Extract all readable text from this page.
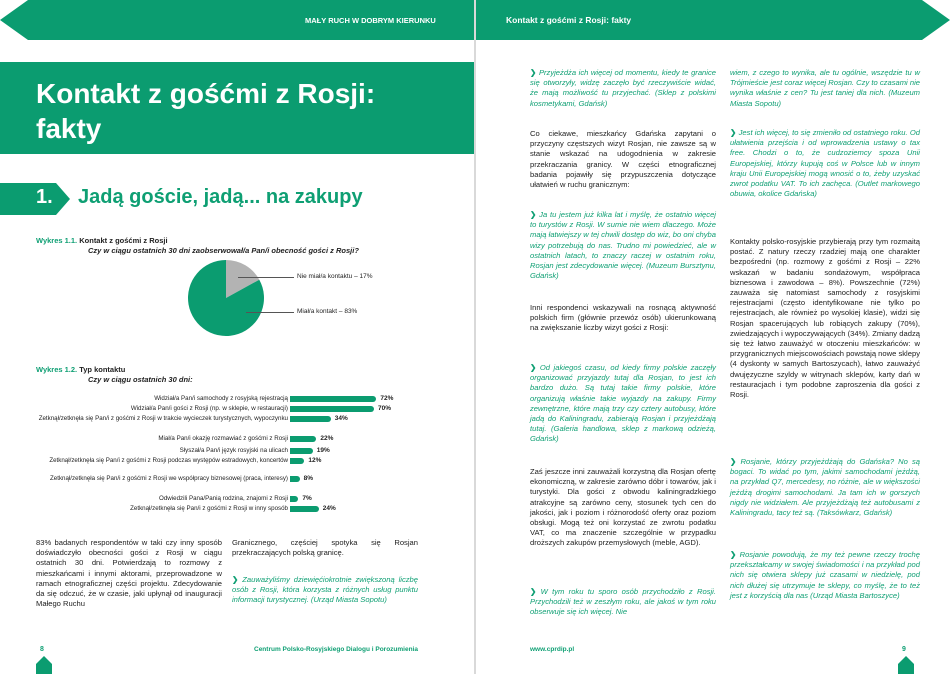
MAŁY RUCH W DOBRYM KIERUNKU
Kontakt z gośćmi z Rosji:
fakty
1. Jadą goście, jadą... na zakupy
Wykres 1.1. Kontakt z gośćmi z Rosji
Czy w ciągu ostatnich 30 dni zaobserwował/a Pan/i obecność gości z Rosji?
Nie miał/a kontaktu – 17%
Miał/a kontakt – 83%
Wykres 1.2. Typ kontaktu
Czy w ciągu ostatnich 30 dni:
Widział/a Pan/i samochody z rosyjską rejestracją	72%
Widział/a Pan/i gości z Rosji (np. w sklepie, w restauracji)	70%
Zetknął/zetknęła się Pan/i z gośćmi z Rosji w trakcie wycieczek turystycznych, wypoczynku	34%
Miał/a Pan/i okazję rozmawiać z gośćmi z Rosji	22%
Słyszał/a Pan/i język rosyjski na ulicach	19%
Zetknął/zetknęła się Pan/i z gośćmi z Rosji podczas występów estradowych, koncertów	12%
Zetknął/zetknęła się Pan/i z gośćmi z Rosji we współpracy biznesowej (praca, interesy) 8%
Odwiedzili Pana/Panią rodzina, znajomi z Rosji 7%
Zetknął/zetknęła się Pan/i z gośćmi z Rosji w inny sposób	24%
83% badanych respondentów w taki czy inny sposób doświadczyło obecności gości z Rosji w ciągu ostatnich 30 dni. Potwierdzają to rozmowy z mieszkańcami i innymi aktorami, przeprowadzone w ramach etnograficznej części projektu. Zdecydowanie da się odczuć, że w czasie, jaki upłynął od inauguracji Małego Ruchu
Granicznego, częściej spotyka się Rosjan przekraczających polską granicę.
❯ Zauważyliśmy dziewięćiokrotnie zwiększoną liczbę osób z Rosji, która korzysta z różnych usług punktu informacji turystycznej. (Urząd Miasta Sopotu)
8	Centrum Polsko-Rosyjskiego Dialogu i Porozumienia
Kontakt z gośćmi z Rosji: fakty
❯ Przyjeżdża ich więcej od momentu, kiedy te granice się otworzyły, widzę zaczęło być rzeczywiście widać, że mają możliwość tu przyjechać. (Sklep z polskimi kosmetykami, Gdańsk)
Co ciekawe, mieszkańcy Gdańska zapytani o przyczyny częstszych wizyt Rosjan, nie zawsze są w stanie wskazać na udogodnienia w zakresie przekraczania granicy. W części etnograficznej badania pojawiły się przypuszczenia dotyczące ułatwień w ruchu granicznym:
❯ Ja tu jestem już kilka lat i myślę, że ostatnio więcej to turystów z Rosji. W sumie nie wiem dlaczego. Może mają łatwiejszy w tej chwili dostęp do wiz, bo oni chyba wizy potrzebują do nas. Trudno mi powiedzieć, ale w ostatnich latach, to znaczy raczej w ostatnim roku, Rosjan jest zdecydowanie więcej. (Muzeum Bursztynu, Gdańsk)
Inni respondenci wskazywali na rosnącą aktywność polskich firm (głównie przewóz osób) ukierunkowaną na zwiększanie liczby wizyt gości z Rosji:
❯ Od jakiegoś czasu, od kiedy firmy polskie zaczęły organizować przyjazdy tutaj dla Rosjan, to jest ich bardzo dużo. Są tutaj takie firmy polskie, które organizują właśnie takie wyjazdy na zakupy. Firmy zewnętrzne, które mają trzy czy cztery autobusy, które jadą do Kaliningradu, zabierają Rosjan i przyjeżdżają tutaj. (Galeria handlowa, sklep z markową odzieżą, Gdańsk)
Zaś jeszcze inni zauważali korzystną dla Rosjan ofertę ekonomiczną, w zakresie zarówno dóbr i towarów, jak i turystyki. Dla gości z obwodu kaliningradzkiego atrakcyjne są zarówno ceny, stosunek tych cen do jakości, jak i poziom i różnorodość oferty oraz poziom obsługi. Mogą też oni korzystać ze zwrotu podatku VAT, co ma znaczenie szczególnie w przypadku droższych zakupów przemysłowych (meble, AGD).
❯ W tym roku tu sporo osób przychodziło z Rosji. Przychodzili też w zeszłym roku, ale jakoś w tym roku obserwuje się ich więcej. Nie
wiem, z czego to wynika, ale tu ogólnie, wszędzie tu w Trójmieście jest coraz więcej Rosjan. Czy to czasami nie wynika właśnie z cen? Tu jest taniej dla nich. (Muzeum Miasta Sopotu)
❯ Jest ich więcej, to się zmieniło od ostatniego roku. Od ułatwienia przejścia i od wprowadzenia ustawy o tax free. Chodzi o to, że cudzoziemcy spoza Unii Europejskiej, którzy kupują coś w Polsce lub w innym kraju Unii Europejskiej mogą wnosić o to, żeby uzyskać zwrot podatku VAT. To ich zachęca. (Outlet markowego obuwia, okolice Gdańska)
Kontakty polsko-rosyjskie przybierają przy tym rozmaitą postać. Z natury rzeczy rzadziej mają one charakter bezpośredni (np. rozmowy z gośćmi z Rosji – 22% wskazań w badaniu sondażowym, współpraca biznesowa i zawodowa – 8%). Powszechnie (72%) zauważa się natomiast samochody z rosyjskimi rejestracjami (często identyfikowane nie tylko po rejestracjach, ale również po wysokiej klasie), widzi się Rosjan spacerujących lub robiących zakupy (70%), zwiedzających i wypoczywających (34%). Zmiany dadzą się też łatwo zauważyć w otoczeniu mieszkańców: w przygranicznych miejscowościach powstają nowe sklepy (4 dyskonty w samych Bartoszycach), łatwo zauważyć dwujęzyczne szyldy w witrynach sklepów, karty dań w restauracjach i tym podobne zaproszenia dla gości z Rosji.
❯ Rosjanie, którzy przyjeżdżają do Gdańska? No są bogaci. To widać po tym, jakimi samochodami jeżdżą, na przykład Q7, mercedesy, no różnie, ale w większości jeżdżą drogimi samochodami. Ja tam ich w gorszych nigdy nie widziałem. Ale przyjeżdżają też autobusami z Kaliningradu, tacy też są. (Taksówkarz, Gdańsk)
❯ Rosjanie powodują, że my też pewne rzeczy trochę przekształcamy w swojej świadomości i na przykład pod nich się otwiera sklepy już czasami w niedzielę, pod nich dłużej się utrzymuje te sklepy, co myślę, że to też jest z korzyścią dla nas (Urząd Miasta Bartoszyce)
www.cprdip.pl	9
